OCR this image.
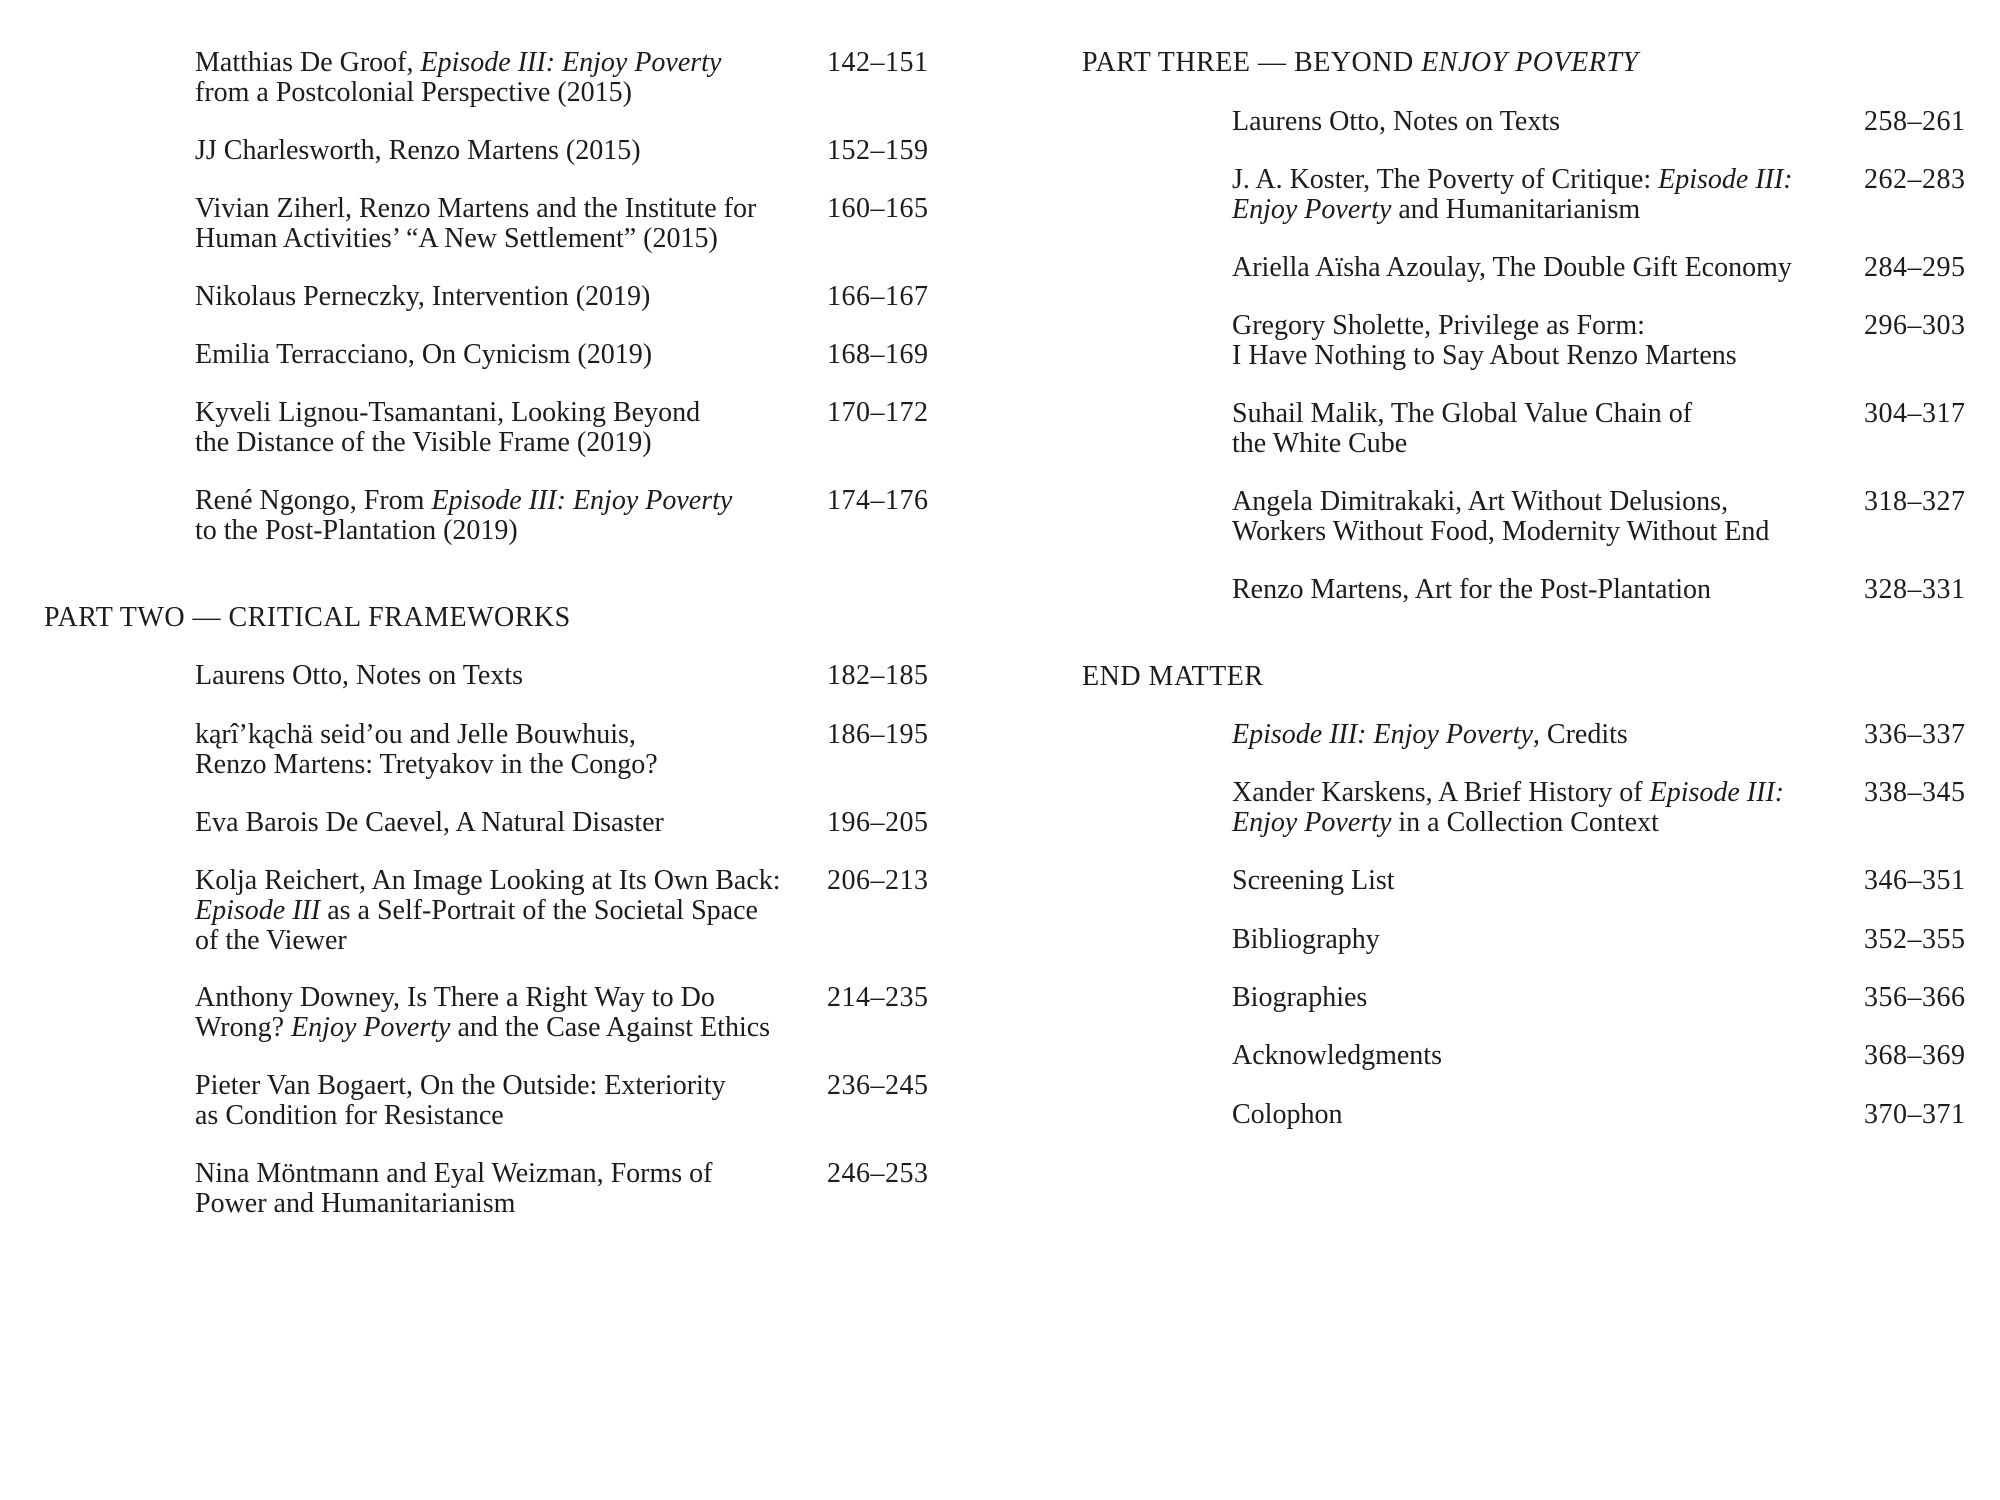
Matthias De Groof, Episode III: Enjoy Poverty
from a Postcolonial Perspective (2015)
142–151
JJ Charlesworth, Renzo Martens (2015)	152–159
Vivian Ziherl, Renzo Martens and the Institute for
Human Activities’ “A New Settlement” (2015)
160–165
Nikolaus Perneczky, Intervention (2019)	166–167
Emilia Terracciano, On Cynicism (2019)	168–169
Kyveli Lignou-Tsamantani, Looking Beyond
the Distance of the Visible Frame (2019)
170–172
René Ngongo, From Episode III: Enjoy Poverty
to the Post-Plantation (2019)
174–176
PART TWO — CRITICAL FRAMEWORKS
Laurens Otto, Notes on Texts	182–185
kąrî’kąchä seid’ou and Jelle Bouwhuis,
Renzo Martens: Tretyakov in the Congo?
186–195
Eva Barois De Caevel, A Natural Disaster	196–205
Kolja Reichert, An Image Looking at Its Own Back:
Episode III as a Self-Portrait of the Societal Space
of the Viewer
206–213
Anthony Downey, Is There a Right Way to Do
Wrong? Enjoy Poverty and the Case Against Ethics
214–235
Pieter Van Bogaert, On the Outside: Exteriority
as Condition for Resistance
236–245
Nina Möntmann and Eyal Weizman, Forms of
Power and Humanitarianism
246–253
PART THREE — BEYOND ENJOY POVERTY
Laurens Otto, Notes on Texts	258–261
J. A. Koster, The Poverty of Critique: Episode III:
Enjoy Poverty and Humanitarianism
262–283
Ariella Aïsha Azoulay, The Double Gift Economy	284–295
Gregory Sholette, Privilege as Form:
I Have Nothing to Say About Renzo Martens
296–303
Suhail Malik, The Global Value Chain of
the White Cube
304–317
Angela Dimitrakaki, Art Without Delusions,
Workers Without Food, Modernity Without End
318–327
Renzo Martens, Art for the Post-Plantation	328–331
END MATTER
Episode III: Enjoy Poverty, Credits	336–337
Xander Karskens, A Brief History of Episode III:
Enjoy Poverty in a Collection Context
338–345
Screening List	346–351
Bibliography	352–355
Biographies	356–366
Acknowledgments	368–369
Colophon	370–371
